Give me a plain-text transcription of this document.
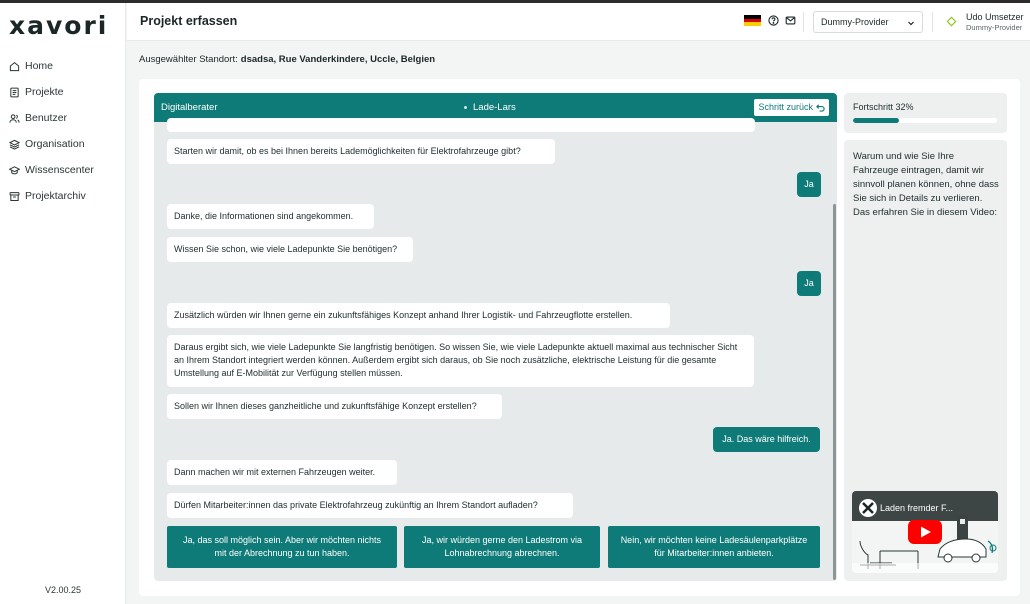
xavori
Home
Projekte
Benutzer
Organisation
Wissenscenter
Projektarchiv
V2.00.25
Projekt erfassen	Dummy-Provider	Udo Umsetzer
Dummy-Provider
Ausgewählter Standort: dsadsa, Rue Vanderkindere, Uccle, Belgien
Digitalberater	Lade-Lars	Schritt zurück
Starten wir damit, ob es bei Ihnen bereits Lademöglichkeiten für Elektrofahrzeuge gibt?
Ja
Danke, die Informationen sind angekommen.
Wissen Sie schon, wie viele Ladepunkte Sie benötigen?
Ja
Zusätzlich würden wir Ihnen gerne ein zukunftsfähiges Konzept anhand Ihrer Logistik- und Fahrzeugflotte erstellen.
Daraus ergibt sich, wie viele Ladepunkte Sie langfristig benötigen. So wissen Sie, wie viele Ladepunkte aktuell maximal aus technischer Sicht an Ihrem Standort integriert werden können. Außerdem ergibt sich daraus, ob Sie noch zusätzliche, elektrische Leistung für die gesamte Umstellung auf E-Mobilität zur Verfügung stellen müssen.
Sollen wir Ihnen dieses ganzheitliche und zukunftsfähige Konzept erstellen?
Ja. Das wäre hilfreich.
Dann machen wir mit externen Fahrzeugen weiter.
Dürfen Mitarbeiter:innen das private Elektrofahrzeug zukünftig an Ihrem Standort aufladen?
Ja, das soll möglich sein. Aber wir möchten nichts mit der Abrechnung zu tun haben.
Ja, wir würden gerne den Ladestrom via Lohnabrechnung abrechnen.
Nein, wir möchten keine Ladesäulenparkplätze für Mitarbeiter:innen anbieten.
Fortschritt 32%
Warum und wie Sie Ihre Fahrzeuge eintragen, damit wir sinnvoll planen können, ohne dass Sie sich in Details zu verlieren. Das erfahren Sie in diesem Video:
Laden fremder F...
